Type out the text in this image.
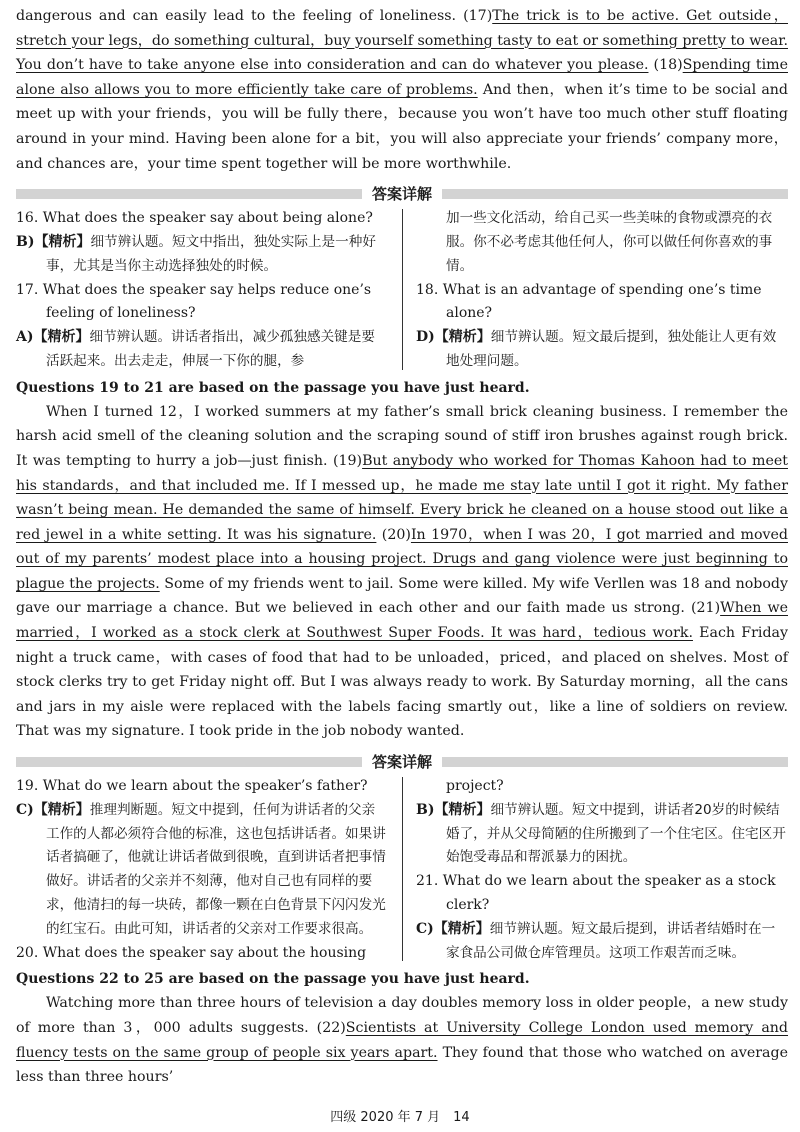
dangerous and can easily lead to the feeling of loneliness. (17)The trick is to be active. Get outside，stretch your legs，do something cultural，buy yourself something tasty to eat or something pretty to wear. You don’t have to take anyone else into consideration and can do whatever you please. (18)Spending time alone also allows you to more efficiently take care of problems. And then，when it’s time to be social and meet up with your friends，you will be fully there，because you won’t have too much other stuff floating around in your mind. Having been alone for a bit，you will also appreciate your friends’ company more，and chances are，your time spent together will be more worthwhile.

答案详解

16. What does the speaker say about being alone?

B)【精析】细节辨认题。短文中指出，独处实际上是一种好事，尤其是当你主动选择独处的时候。

17. What does the speaker say helps reduce one’s feeling of loneliness?

A)【精析】细节辨认题。讲话者指出，减少孤独感关键是要活跃起来。出去走走，伸展一下你的腿，参

加一些文化活动，给自己买一些美味的食物或漂亮的衣服。你不必考虑其他任何人，你可以做任何你喜欢的事情。

18. What is an advantage of spending one’s time alone?

D)【精析】细节辨认题。短文最后提到，独处能让人更有效地处理问题。

Questions 19 to 21 are based on the passage you have just heard.

When I turned 12，I worked summers at my father’s small brick cleaning business. I remember the harsh acid smell of the cleaning solution and the scraping sound of stiff iron brushes against rough brick. It was tempting to hurry a job—just finish. (19)But anybody who worked for Thomas Kahoon had to meet his standards，and that included me. If I messed up，he made me stay late until I got it right. My father wasn’t being mean. He demanded the same of himself. Every brick he cleaned on a house stood out like a red jewel in a white setting. It was his signature. (20)In 1970，when I was 20，I got married and moved out of my parents’ modest place into a housing project. Drugs and gang violence were just beginning to plague the projects. Some of my friends went to jail. Some were killed. My wife Verllen was 18 and nobody gave our marriage a chance. But we believed in each other and our faith made us strong. (21)When we married，I worked as a stock clerk at Southwest Super Foods. It was hard，tedious work. Each Friday night a truck came，with cases of food that had to be unloaded，priced，and placed on shelves. Most of stock clerks try to get Friday night off. But I was always ready to work. By Saturday morning，all the cans and jars in my aisle were replaced with the labels facing smartly out，like a line of soldiers on review. That was my signature. I took pride in the job nobody wanted.

答案详解

19. What do we learn about the speaker’s father?

C)【精析】推理判断题。短文中提到，任何为讲话者的父亲工作的人都必须符合他的标准，这也包括讲话者。如果讲话者搞砸了，他就让讲话者做到很晚，直到讲话者把事情做好。讲话者的父亲并不刻薄，他对自己也有同样的要求，他清扫的每一块砖，都像一颗在白色背景下闪闪发光的红宝石。由此可知，讲话者的父亲对工作要求很高。

20. What does the speaker say about the housing

project?

B)【精析】细节辨认题。短文中提到，讲话者20岁的时候结婚了，并从父母简陋的住所搬到了一个住宅区。住宅区开始饱受毒品和帮派暴力的困扰。

21. What do we learn about the speaker as a stock clerk?

C)【精析】细节辨认题。短文最后提到，讲话者结婚时在一家食品公司做仓库管理员。这项工作艰苦而乏味。

Questions 22 to 25 are based on the passage you have just heard.

Watching more than three hours of television a day doubles memory loss in older people，a new study of more than 3，000 adults suggests. (22)Scientists at University College London used memory and fluency tests on the same group of people six years apart. They found that those who watched on average less than three hours’

四级 2020 年 7 月　14
